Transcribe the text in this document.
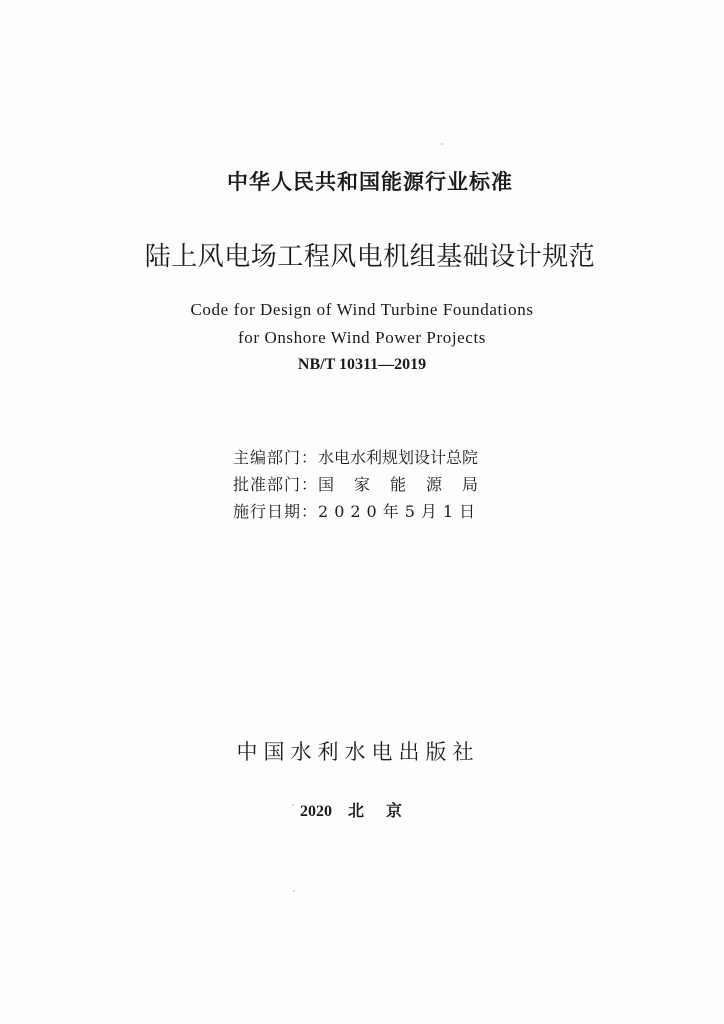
中华人民共和国能源行业标准
陆上风电场工程风电机组基础设计规范
Code for Design of Wind Turbine Foundations
for Onshore Wind Power Projects
NB/T 10311—2019
主编部门： 水电水利规划设计总院
批准部门： 国家能源局
施行日期： 2020年5月1日
中国水利水电出版社
2020 北京
